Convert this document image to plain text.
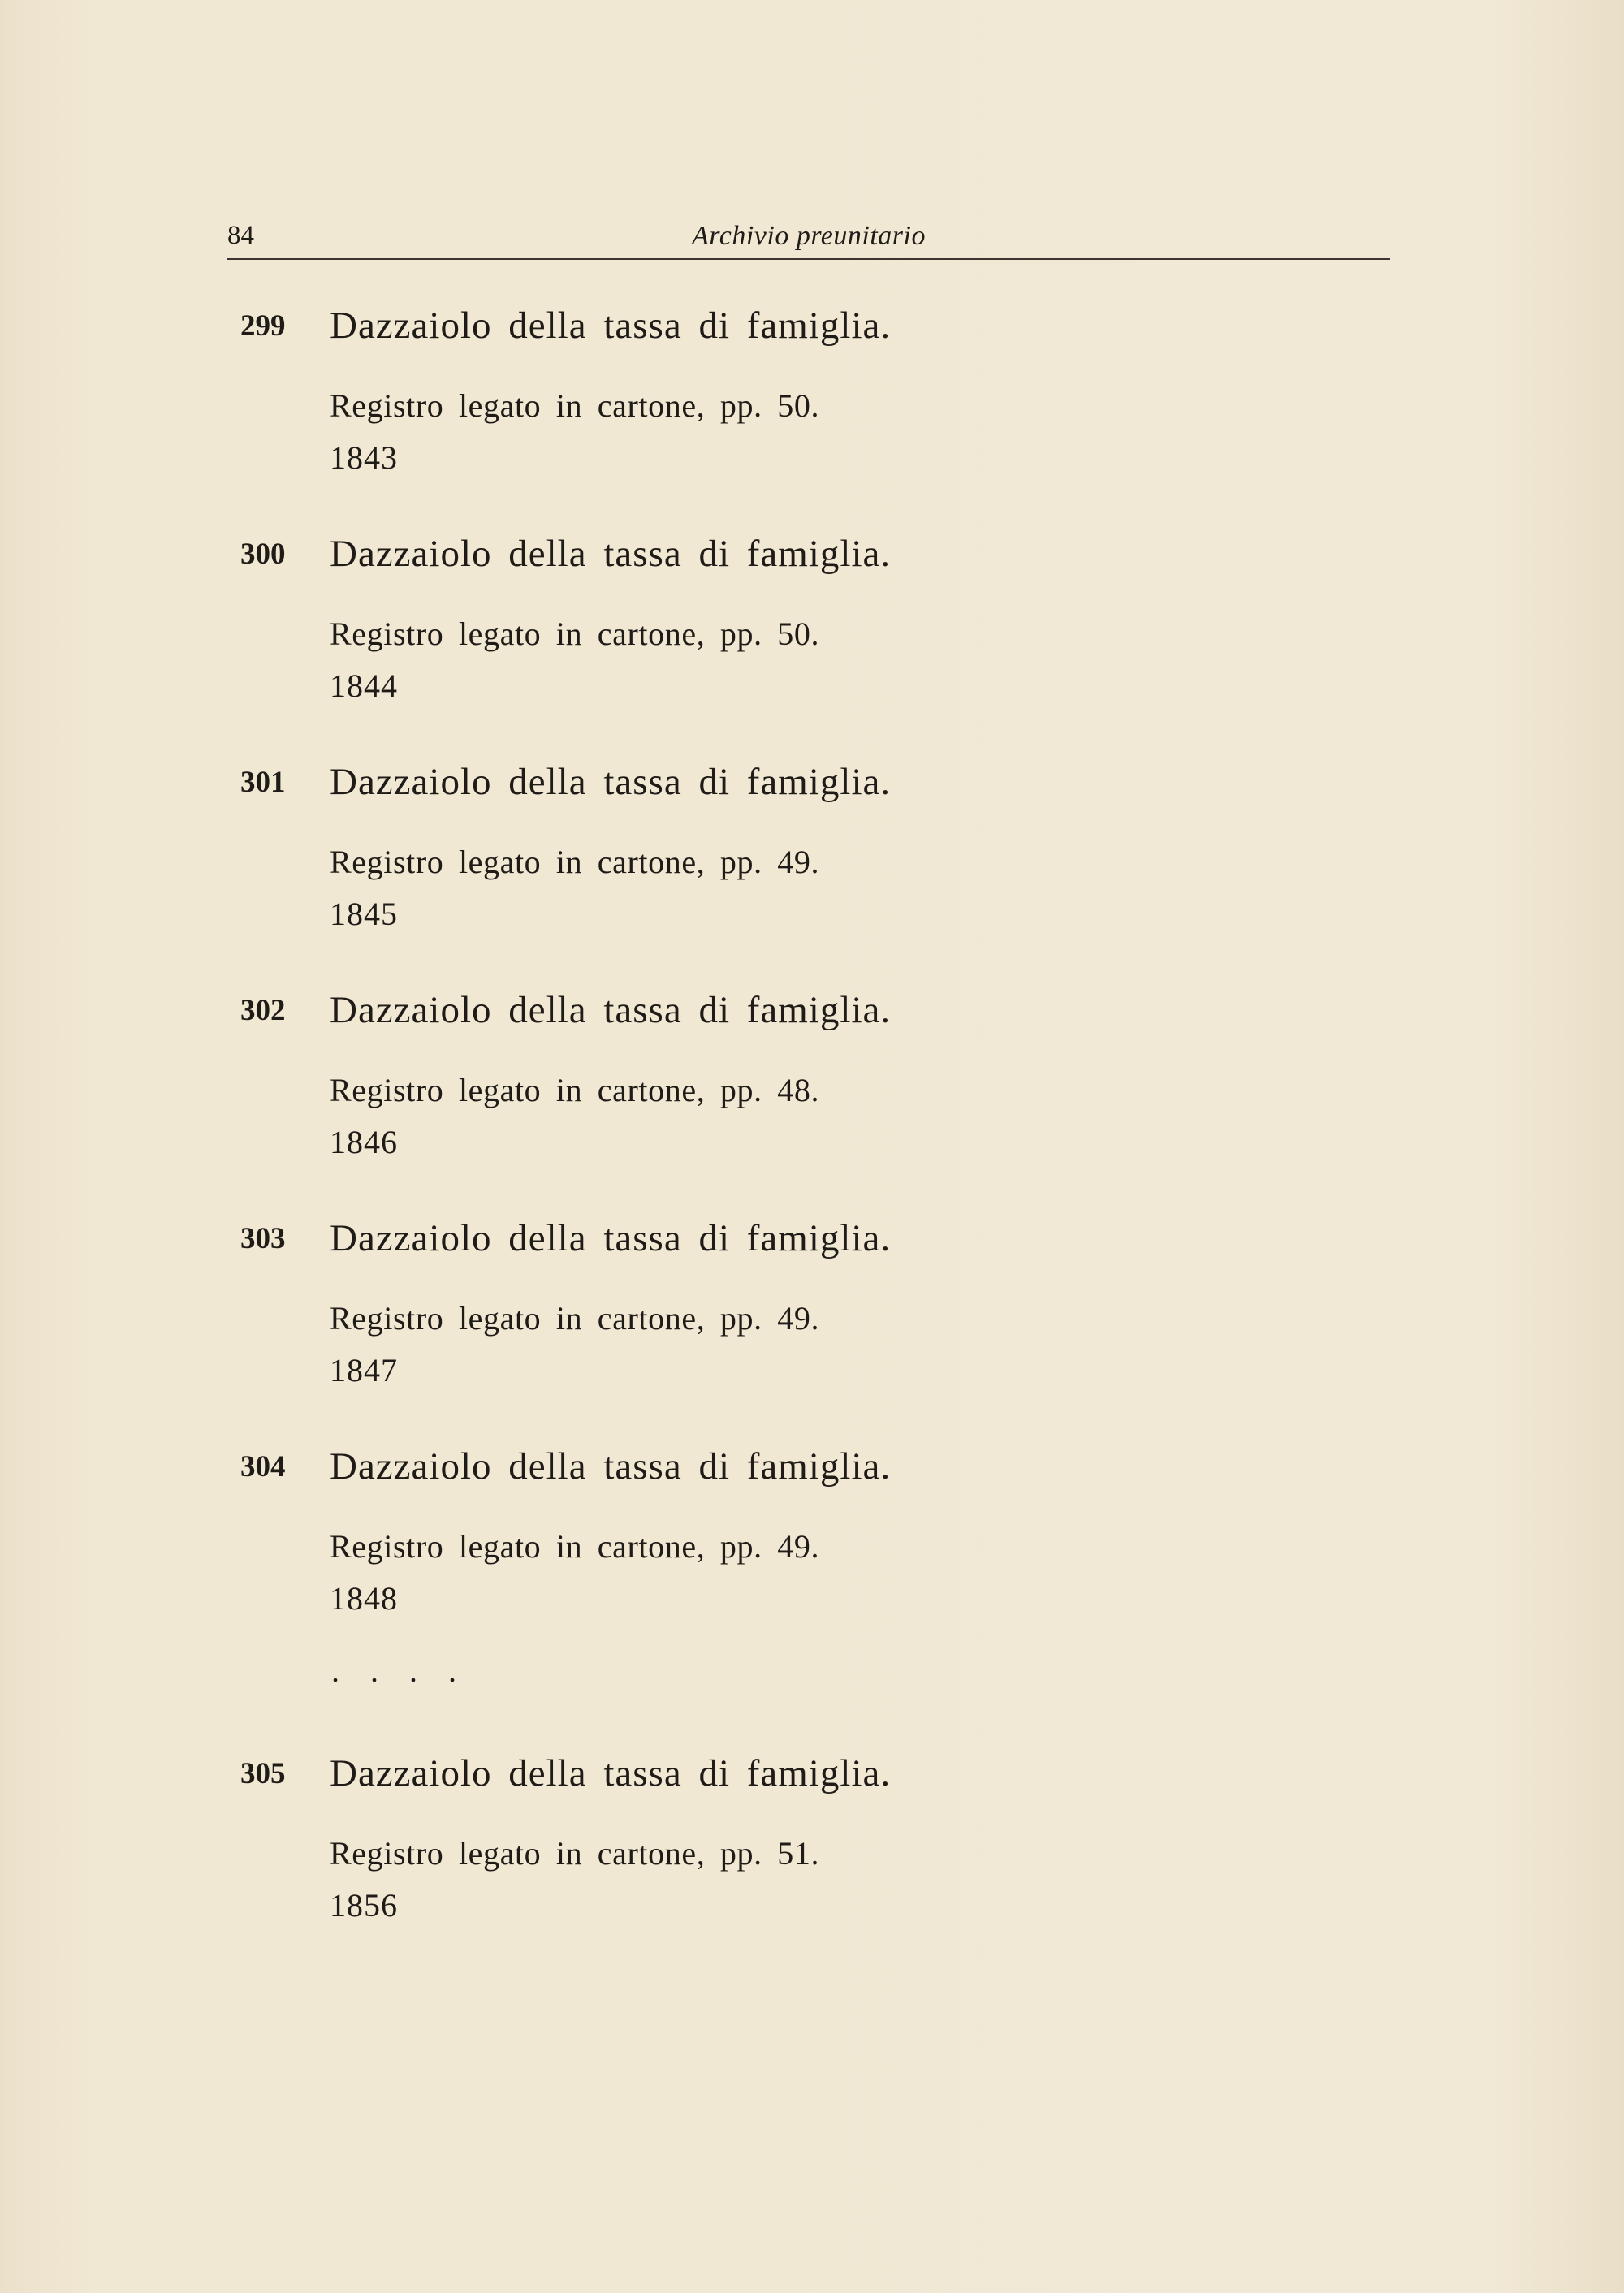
84	Archivio preunitario
299 Dazzaiolo della tassa di famiglia.
Registro legato in cartone, pp. 50.
1843
300 Dazzaiolo della tassa di famiglia.
Registro legato in cartone, pp. 50.
1844
301 Dazzaiolo della tassa di famiglia.
Registro legato in cartone, pp. 49.
1845
302 Dazzaiolo della tassa di famiglia.
Registro legato in cartone, pp. 48.
1846
303 Dazzaiolo della tassa di famiglia.
Registro legato in cartone, pp. 49.
1847
304 Dazzaiolo della tassa di famiglia.
Registro legato in cartone, pp. 49.
1848
. . . .
305 Dazzaiolo della tassa di famiglia.
Registro legato in cartone, pp. 51.
1856
